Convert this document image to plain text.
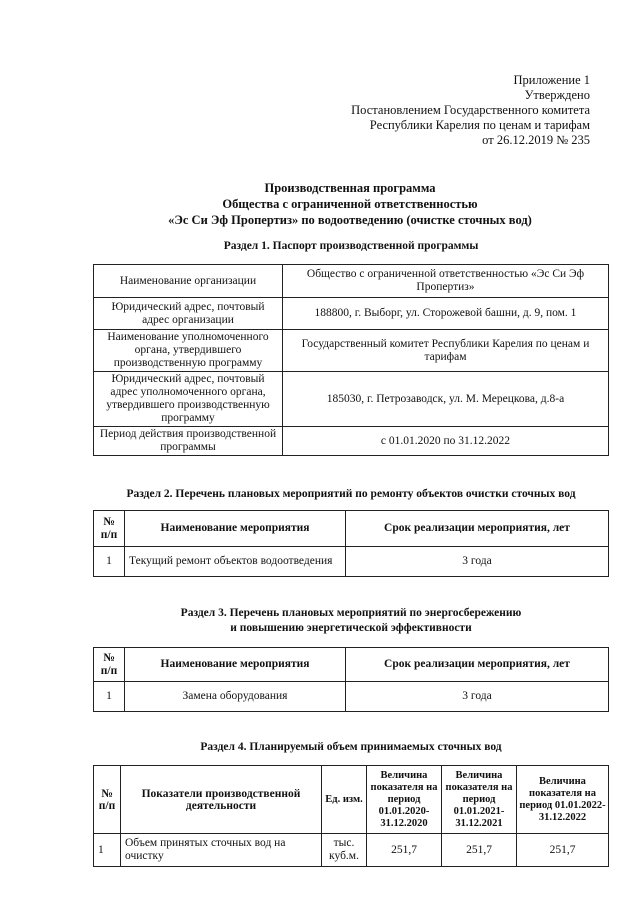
Приложение 1
Утверждено
Постановлением Государственного комитета
Республики Карелия по ценам и тарифам
от 26.12.2019 № 235
Производственная программа
Общества с ограниченной ответственностью
«Эс Си Эф Пропертиз» по водоотведению (очистке сточных вод)
Раздел 1. Паспорт производственной программы
Наименование организации	Общество с ограниченной ответственностью «Эс Си Эф Пропертиз»
Юридический адрес, почтовый адрес организации	188800, г. Выборг, ул. Сторожевой башни, д. 9, пом. 1
Наименование уполномоченного органа, утвердившего производственную программу	Государственный комитет Республики Карелия по ценам и тарифам
Юридический адрес, почтовый адрес уполномоченного органа, утвердившего производственную программу	185030, г. Петрозаводск, ул. М. Мерецкова, д.8-а
Период действия производственной программы	с 01.01.2020 по 31.12.2022
Раздел 2. Перечень плановых мероприятий по ремонту объектов очистки сточных вод
№ п/п	Наименование мероприятия	Срок реализации мероприятия, лет
1	Текущий ремонт объектов водоотведения	3 года
Раздел 3. Перечень плановых мероприятий по энергосбережению
и повышению энергетической эффективности
№ п/п	Наименование мероприятия	Срок реализации мероприятия, лет
1	Замена оборудования	3 года
Раздел 4. Планируемый объем принимаемых сточных вод
№ п/п	Показатели производственной деятельности	Ед. изм.	Величина показателя на период 01.01.2020-31.12.2020	Величина показателя на период 01.01.2021-31.12.2021	Величина показателя на период 01.01.2022-31.12.2022
1	Объем принятых сточных вод на очистку	тыс. куб.м.	251,7	251,7	251,7
